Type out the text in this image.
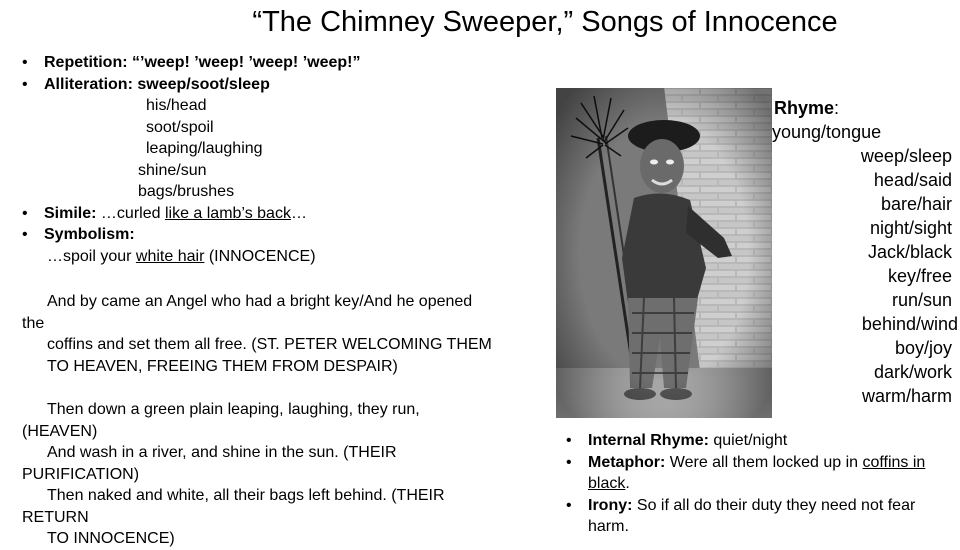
“The Chimney Sweeper,” Songs of Innocence
• Repetition: “’weep! ’weep! ’weep! ’weep!”
• Alliteration: sweep/soot/sleep
his/head
soot/spoil
leaping/laughing
shine/sun
bags/brushes
• Simile: …curled like a lamb’s back…
• Symbolism:
…spoil your white hair (INNOCENCE)
And by came an Angel who had a bright key/And he opened
the
coffins and set them all free. (ST. PETER WELCOMING THEM
TO HEAVEN, FREEING THEM FROM DESPAIR)
Then down a green plain leaping, laughing, they run,
(HEAVEN)
And wash in a river, and shine in the sun. (THEIR
PURIFICATION)
Then naked and white, all their bags left behind. (THEIR
RETURN
TO INNOCENCE)
Rhyme:
young/tongue
weep/sleep
head/said
bare/hair
night/sight
Jack/black
key/free
run/sun
behind/wind
boy/joy
dark/work
warm/harm
• Internal Rhyme: quiet/night
• Metaphor: Were all them locked up in coffins in black.
• Irony: So if all do their duty they need not fear harm.
